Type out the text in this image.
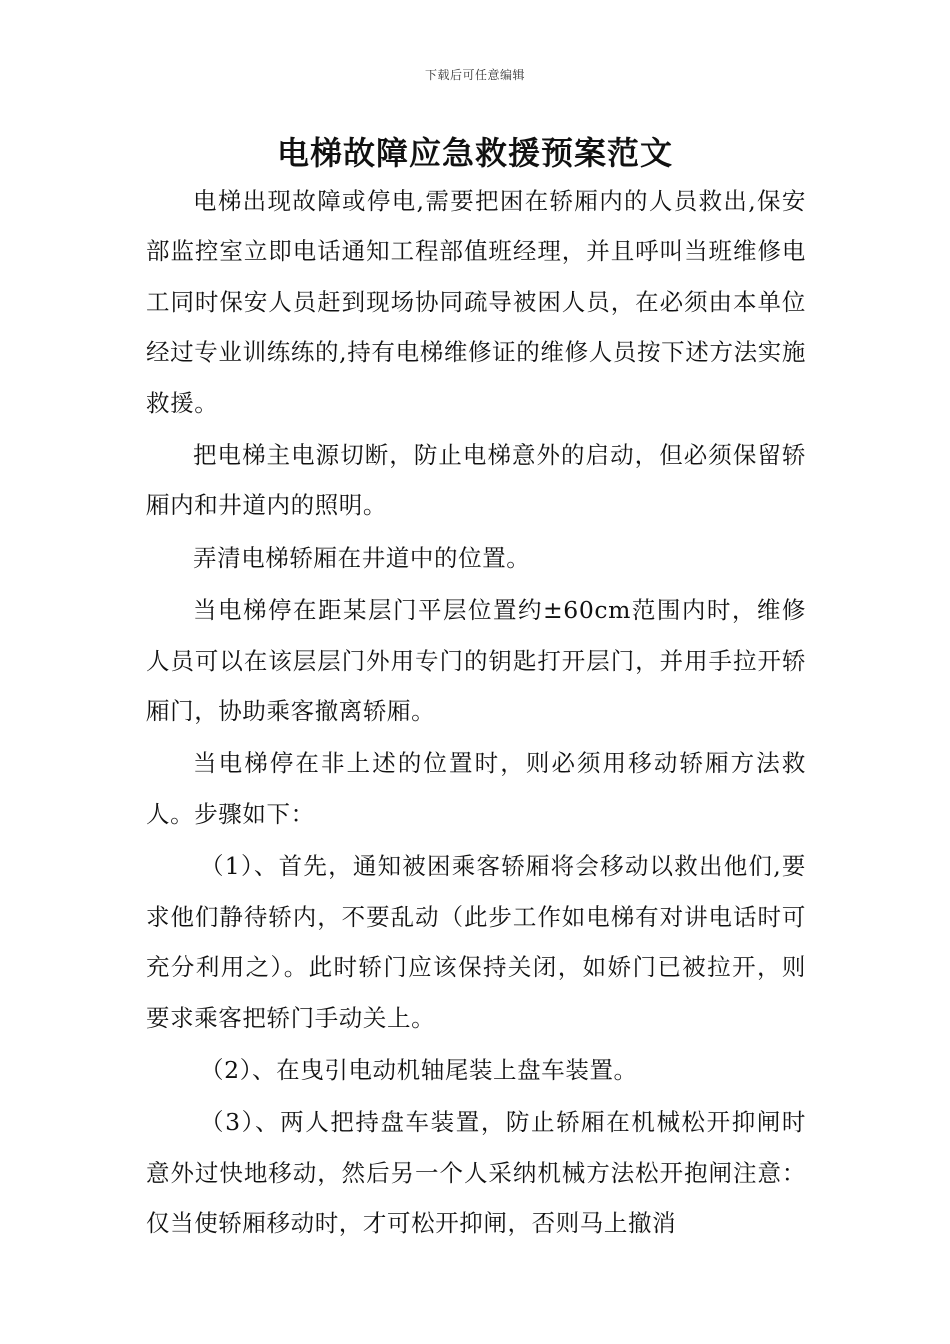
下载后可任意编辑
电梯故障应急救援预案范文

电梯出现故障或停电,需要把困在轿厢内的人员救出,保安部监控室立即电话通知工程部值班经理，并且呼叫当班维修电工同时保安人员赶到现场协同疏导被困人员，在必须由本单位经过专业训练练的,持有电梯维修证的维修人员按下述方法实施救援。

把电梯主电源切断，防止电梯意外的启动，但必须保留轿厢内和井道内的照明。

弄清电梯轿厢在井道中的位置。

当电梯停在距某层门平层位置约±60cm范围内时，维修人员可以在该层层门外用专门的钥匙打开层门，并用手拉开轿厢门，协助乘客撤离轿厢。

当电梯停在非上述的位置时，则必须用移动轿厢方法救人。步骤如下：

（1）、首先，通知被困乘客轿厢将会移动以救出他们,要求他们静待轿内，不要乱动（此步工作如电梯有对讲电话时可充分利用之）。此时轿门应该保持关闭，如娇门已被拉开，则要求乘客把轿门手动关上。

（2）、在曳引电动机轴尾装上盘车装置。

（3）、两人把持盘车装置，防止轿厢在机械松开抑闸时意外过快地移动，然后另一个人采纳机械方法松开抱闸注意：仅当使轿厢移动时，才可松开抑闸，否则马上撤消
